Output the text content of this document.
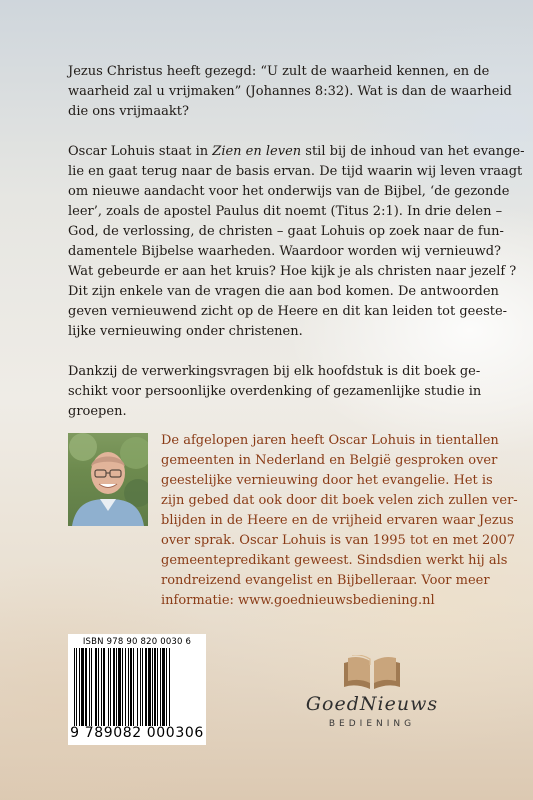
Jezus Christus heeft gezegd: “U zult de waarheid kennen, en de
waarheid zal u vrijmaken” (Johannes 8:32). Wat is dan de waarheid
die ons vrijmaakt?
Oscar Lohuis staat in Zien en leven stil bij de inhoud van het evange-
lie en gaat terug naar de basis ervan. De tijd waarin wij leven vraagt
om nieuwe aandacht voor het onderwijs van de Bijbel, ‘de gezonde
leer’, zoals de apostel Paulus dit noemt (Titus 2:1). In drie delen –
God, de verlossing, de christen – gaat Lohuis op zoek naar de fun-
damentele Bijbelse waarheden. Waardoor worden wij vernieuwd?
Wat gebeurde er aan het kruis? Hoe kijk je als christen naar jezelf ?
Dit zijn enkele van de vragen die aan bod komen. De antwoorden
geven vernieuwend zicht op de Heere en dit kan leiden tot geeste-
lijke vernieuwing onder christenen.
Dankzij de verwerkingsvragen bij elk hoofdstuk is dit boek ge-
schikt voor persoonlijke overdenking of gezamenlijke studie in
groepen.
De afgelopen jaren heeft Oscar Lohuis in tientallen
gemeenten in Nederland en België gesproken over
geestelijke vernieuwing door het evangelie. Het is
zijn gebed dat ook door dit boek velen zich zullen ver-
blijden in de Heere en de vrijheid ervaren waar Jezus
over sprak. Oscar Lohuis is van 1995 tot en met 2007
gemeentepredikant geweest. Sindsdien werkt hij als
rondreizend evangelist en Bijbelleraar. Voor meer
informatie: www.goednieuwsbediening.nl
ISBN 978 90 820 0030 6
9 789082 000306
GoedNieuws
BEDIENING
